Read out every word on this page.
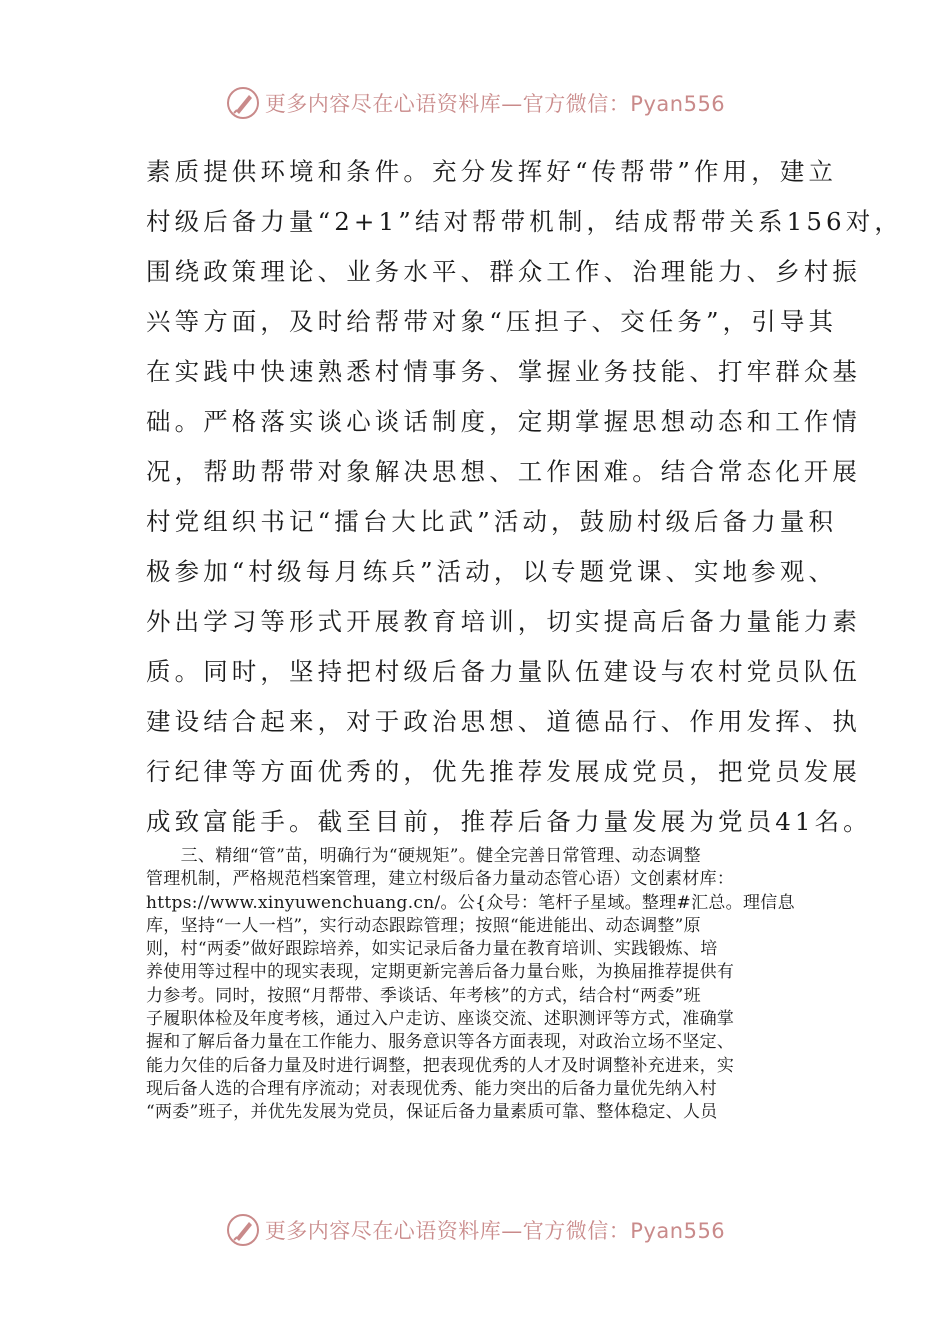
更多内容尽在心语资料库—官方微信：Pyan556
素质提供环境和条件。充分发挥好“传帮带”作用，建立
村级后备力量“2+1”结对帮带机制，结成帮带关系156对，
围绕政策理论、业务水平、群众工作、治理能力、乡村振
兴等方面，及时给帮带对象“压担子、交任务”，引导其
在实践中快速熟悉村情事务、掌握业务技能、打牢群众基
础。严格落实谈心谈话制度，定期掌握思想动态和工作情
况，帮助帮带对象解决思想、工作困难。结合常态化开展
村党组织书记“擂台大比武”活动，鼓励村级后备力量积
极参加“村级每月练兵”活动，以专题党课、实地参观、
外出学习等形式开展教育培训，切实提高后备力量能力素
质。同时，坚持把村级后备力量队伍建设与农村党员队伍
建设结合起来，对于政治思想、道德品行、作用发挥、执
行纪律等方面优秀的，优先推荐发展成党员，把党员发展
成致富能手。截至目前，推荐后备力量发展为党员41名。
　　三、精细“管”苗，明确行为“硬规矩”。健全完善日常管理、动态调整
管理机制，严格规范档案管理，建立村级后备力量动态管心语）文创素材库：
https://www.xinyuwenchuang.cn/。公{众号：笔杆子星域。整理#汇总。理信息
库，坚持“一人一档”，实行动态跟踪管理；按照“能进能出、动态调整”原
则，村“两委”做好跟踪培养，如实记录后备力量在教育培训、实践锻炼、培
养使用等过程中的现实表现，定期更新完善后备力量台账，为换届推荐提供有
力参考。同时，按照“月帮带、季谈话、年考核”的方式，结合村“两委”班
子履职体检及年度考核，通过入户走访、座谈交流、述职测评等方式，准确掌
握和了解后备力量在工作能力、服务意识等各方面表现，对政治立场不坚定、
能力欠佳的后备力量及时进行调整，把表现优秀的人才及时调整补充进来，实
现后备人选的合理有序流动；对表现优秀、能力突出的后备力量优先纳入村
“两委”班子，并优先发展为党员，保证后备力量素质可靠、整体稳定、人员
更多内容尽在心语资料库—官方微信：Pyan556
